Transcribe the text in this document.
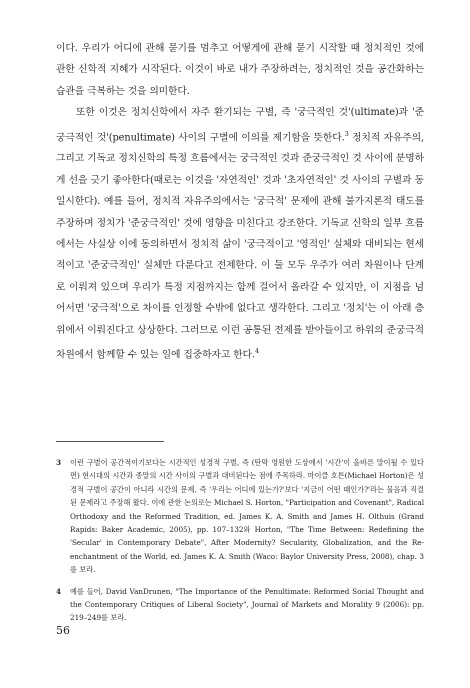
이다. 우리가 어디에 관해 묻기를 멈추고 어떻게에 관해 묻기 시작할 때 정치적인 것에 관한 신학적 지혜가 시작된다. 이것이 바로 내가 주장하려는, 정치적인 것을 공간화하는 습관을 극복하는 것을 의미한다.

또한 이것은 정치신학에서 자주 환기되는 구별, 즉 '궁극적인 것'(ultimate)과 '준궁극적인 것'(penultimate) 사이의 구별에 이의를 제기함을 뜻한다.$^3$ 정치적 자유주의, 그리고 기독교 정치신학의 특정 흐름에서는 궁극적인 것과 준궁극적인 것 사이에 분명하게 선을 긋기 좋아한다(때로는 이것을 '자연적인' 것과 '초자연적인' 것 사이의 구별과 동일시한다). 예를 들어, 정치적 자유주의에서는 '궁극적' 문제에 관해 불가지론적 태도를 주장하며 정치가 '준궁극적인' 것에 영향을 미친다고 강조한다. 기독교 신학의 일부 흐름에서는 사실상 이에 동의하면서 정치적 삶이 '궁극적이고 '영적인' 실체와 대비되는 현세적이고 '준궁극적인' 실체만 다룬다고 전제한다. 이 둘 모두 우주가 여러 차원이나 단계로 이뤄져 있으며 우리가 특정 지점까지는 함께 걸어서 올라갈 수 있지만, 이 지점을 넘어서면 '궁극적'으로 차이를 인정할 수밖에 없다고 생각한다. 그리고 '정치'는 이 아래 층위에서 이뤄진다고 상상한다. 그러므로 이런 공통된 전제를 받아들이고 하위의 준궁극적 차원에서 함께할 수 있는 일에 집중하자고 한다.$^4$

3	이런 구별이 공간적이기보다는 시간적인 성경적 구별, 즉 (탄막 영원한 도상에서 '시간'이 올바른 말이될 수 있다면) 현시대의 시간과 종말의 시간 사이의 구별과 대비된다는 점에 주목하라. 마이클 호튼(Michael Horton)은 성경적 구별이 공간이 아니라 시간의 문제, 즉 '우리는 어디에 있는가?'보다 '지금이 어떤 때인가?'라는 물음과 직결된 문제라고 주장해 왔다. 이에 관한 논의로는 Michael S. Horton, "Participation and Covenant", Radical Orthodoxy and the Reformed Tradition, ed. James K. A. Smith and James H. Olthuis (Grand Rapids: Baker Academic, 2005), pp. 107–132와 Horton, "The Time Between: Redefining the 'Secular' in Contemporary Debate", After Modernity? Secularity, Globalization, and the Re-enchantment of the World, ed. James K. A. Smith (Waco: Baylor University Press, 2008), chap. 3를 보라.
4	예를 들어, David VanDrunen, "The Importance of the Penultimate: Reformed Social Thought and the Contemporary Critiques of Liberal Society", Journal of Markets and Morality 9 (2006): pp. 219–249를 보라.
56
